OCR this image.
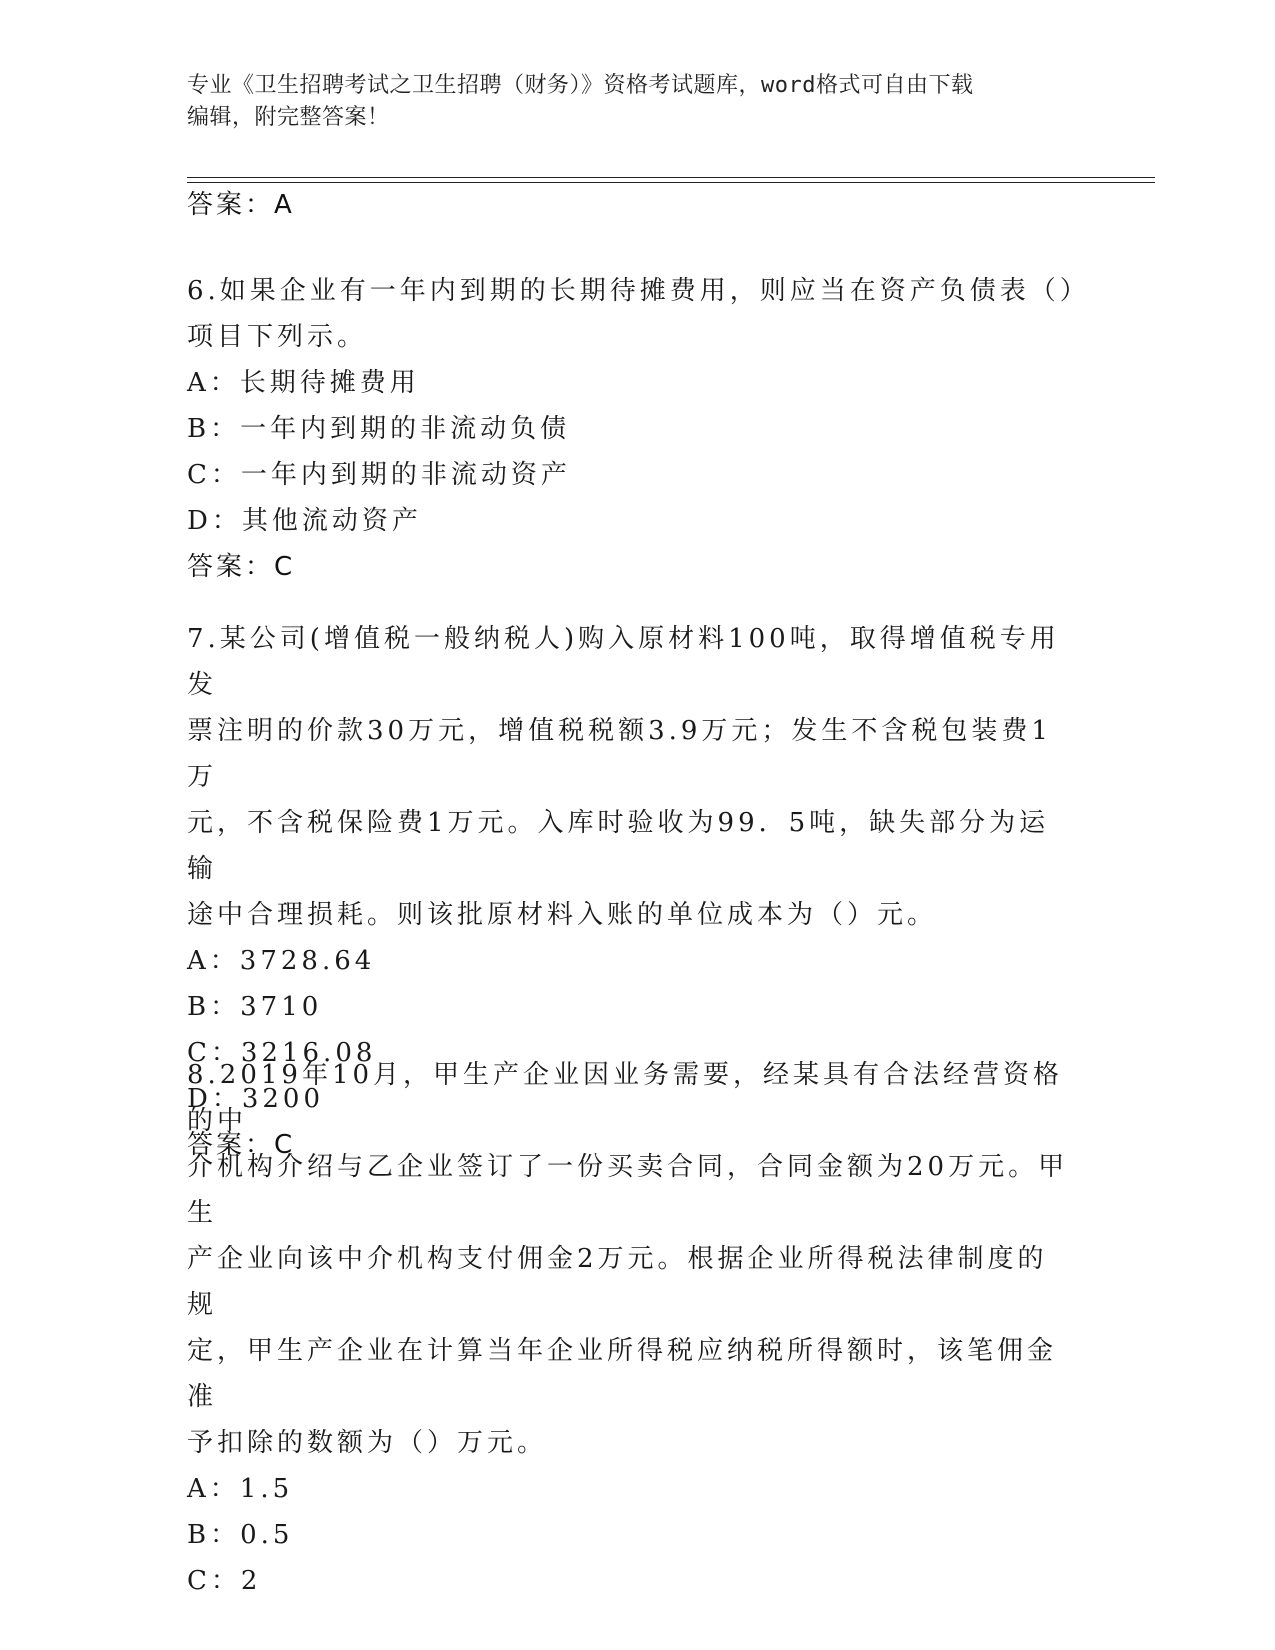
专业《卫生招聘考试之卫生招聘（财务）》资格考试题库，word格式可自由下载
编辑，附完整答案！
答案：A
6.如果企业有一年内到期的长期待摊费用，则应当在资产负债表（）
项目下列示。
A：长期待摊费用
B：一年内到期的非流动负债
C：一年内到期的非流动资产
D：其他流动资产
答案：C
7.某公司(增值税一般纳税人)购入原材料100吨，取得增值税专用发
票注明的价款30万元，增值税税额3.9万元；发生不含税包装费1万
元，不含税保险费1万元。入库时验收为99．5吨，缺失部分为运输
途中合理损耗。则该批原材料入账的单位成本为（）元。
A：3728.64
B：3710
C：3216.08
D：3200
答案：C
8.2019年10月，甲生产企业因业务需要，经某具有合法经营资格的中
介机构介绍与乙企业签订了一份买卖合同，合同金额为20万元。甲生
产企业向该中介机构支付佣金2万元。根据企业所得税法律制度的规
定，甲生产企业在计算当年企业所得税应纳税所得额时，该笔佣金准
予扣除的数额为（）万元。
A：1.5
B：0.5
C：2
